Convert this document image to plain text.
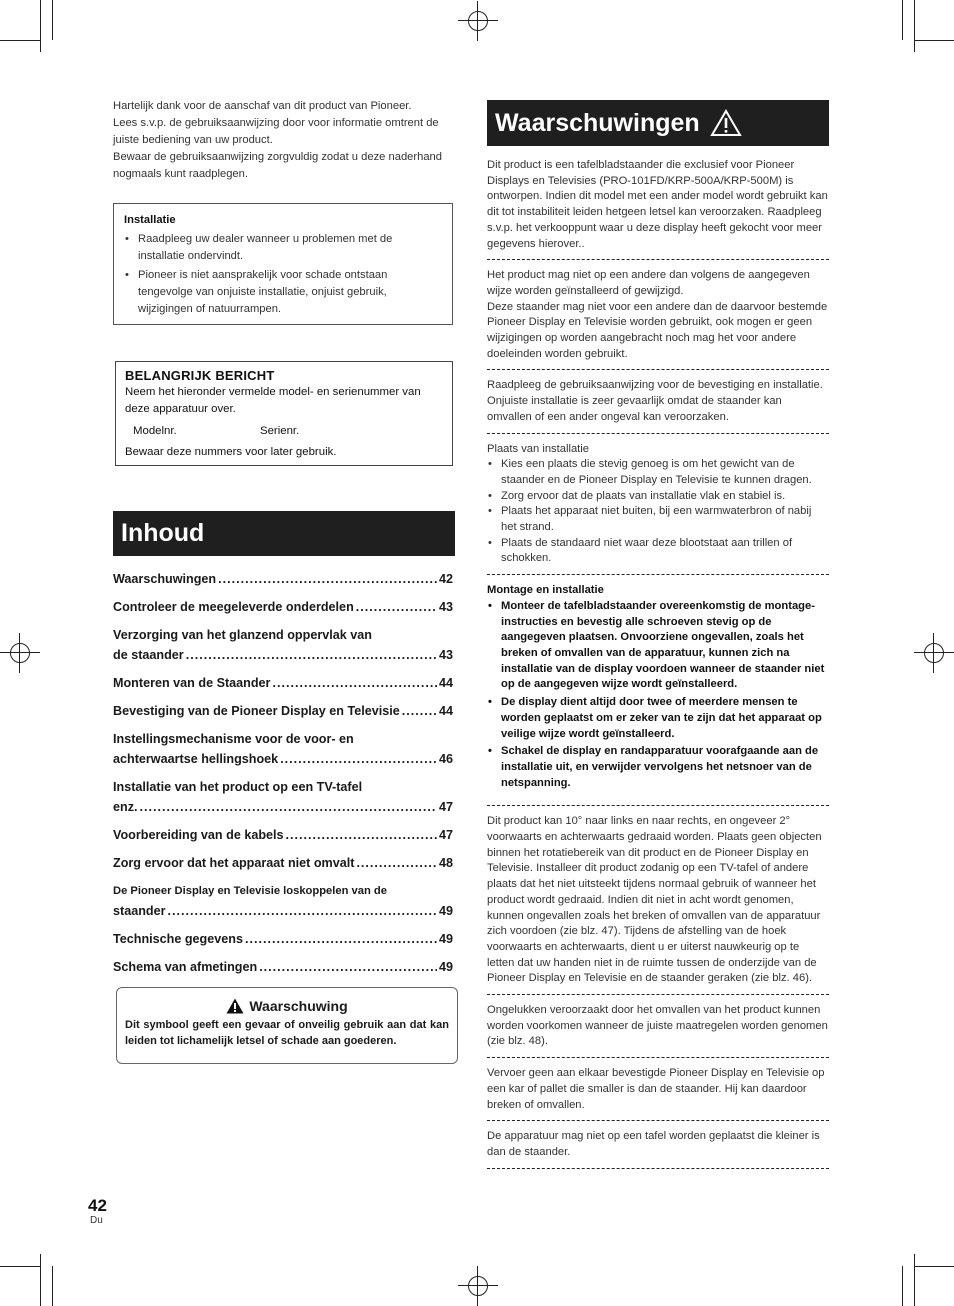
Hartelijk dank voor de aanschaf van dit product van Pioneer.

Lees s.v.p. de gebruiksaanwijzing door voor informatie omtrent de juiste bediening van uw product.

Bewaar de gebruiksaanwijzing zorgvuldig zodat u deze naderhand nogmaals kunt raadplegen.

Installatie
• Raadpleeg uw dealer wanneer u problemen met de installatie ondervindt.
• Pioneer is niet aansprakelijk voor schade ontstaan tengevolge van onjuiste installatie, onjuist gebruik, wijzigingen of natuurrampen.
BELANGRIJK BERICHT
Neem het hieronder vermelde model- en serienummer van deze apparatuur over.
Modelnr.	Serienr.
Bewaar deze nummers voor later gebruik.
Inhoud
Waarschuwingen .....	42
Controleer de meegeleverde onderdelen .....	43
Verzorging van het glanzend oppervlak van
de staander .....	43
Monteren van de Staander .....	44
Bevestiging van de Pioneer Display en Televisie .....	44
Instellingsmechanisme voor de voor- en
achterwaartse hellingshoek .....	46
Installatie van het product op een TV-tafel
enz. .....	47
Voorbereiding van de kabels .....	47
Zorg ervoor dat het apparaat niet omvalt .....	48
De Pioneer Display en Televisie loskoppelen van de
staander .....	49
Technische gegevens .....	49
Schema van afmetingen .....	49
Waarschuwing
Dit symbool geeft een gevaar of onveilig gebruik aan dat kan leiden tot lichamelijk letsel of schade aan goederen.
Waarschuwingen

Dit product is een tafelbladstaander die exclusief voor Pioneer Displays en Televisies (PRO-101FD/KRP-500A/KRP-500M) is ontworpen. Indien dit model met een ander model wordt gebruikt kan dit tot instabiliteit leiden hetgeen letsel kan veroorzaken. Raadpleeg s.v.p. het verkooppunt waar u deze display heeft gekocht voor meer gegevens hierover..

Het product mag niet op een andere dan volgens de aangegeven wijze worden geïnstalleerd of gewijzigd.

Deze staander mag niet voor een andere dan de daarvoor bestemde Pioneer Display en Televisie worden gebruikt, ook mogen er geen wijzigingen op worden aangebracht noch mag het voor andere doeleinden worden gebruikt.

Raadpleeg de gebruiksaanwijzing voor de bevestiging en installatie. Onjuiste installatie is zeer gevaarlijk omdat de staander kan omvallen of een ander ongeval kan veroorzaken.

Plaats van installatie

• Kies een plaats die stevig genoeg is om het gewicht van de staander en de Pioneer Display en Televisie te kunnen dragen.
• Zorg ervoor dat de plaats van installatie vlak en stabiel is.
• Plaats het apparaat niet buiten, bij een warmwaterbron of nabij het strand.
• Plaats de standaard niet waar deze blootstaat aan trillen of schokken.

Montage en installatie

• Monteer de tafelbladstaander overeenkomstig de montage-instructies en bevestig alle schroeven stevig op de aangegeven plaatsen. Onvoorziene ongevallen, zoals het breken of omvallen van de apparatuur, kunnen zich na installatie van de display voordoen wanneer de staander niet op de aangegeven wijze wordt geïnstalleerd.
• De display dient altijd door twee of meerdere mensen te worden geplaatst om er zeker van te zijn dat het apparaat op veilige wijze wordt geïnstalleerd.
• Schakel de display en randapparatuur voorafgaande aan de installatie uit, en verwijder vervolgens het netsnoer van de netspanning.

Dit product kan 10° naar links en naar rechts, en ongeveer 2° voorwaarts en achterwaarts gedraaid worden. Plaats geen objecten binnen het rotatiebereik van dit product en de Pioneer Display en Televisie. Installeer dit product zodanig op een TV-tafel of andere plaats dat het niet uitsteekt tijdens normaal gebruik of wanneer het product wordt gedraaid. Indien dit niet in acht wordt genomen, kunnen ongevallen zoals het breken of omvallen van de apparatuur zich voordoen (zie blz. 47). Tijdens de afstelling van de hoek voorwaarts en achterwaarts, dient u er uiterst nauwkeurig op te letten dat uw handen niet in de ruimte tussen de onderzijde van de Pioneer Display en Televisie en de staander geraken (zie blz. 46).

Ongelukken veroorzaakt door het omvallen van het product kunnen worden voorkomen wanneer de juiste maatregelen worden genomen (zie blz. 48).

Vervoer geen aan elkaar bevestigde Pioneer Display en Televisie op een kar of pallet die smaller is dan de staander. Hij kan daardoor breken of omvallen.

De apparatuur mag niet op een tafel worden geplaatst die kleiner is dan de staander.

42
Du
